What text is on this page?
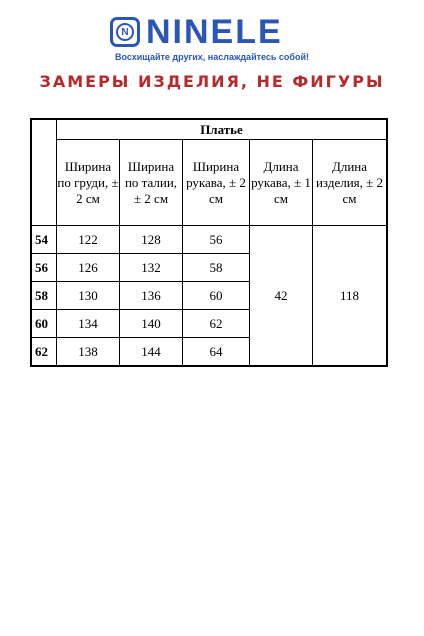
N NINELE
Восхищайте других, наслаждайтесь собой!
ЗАМЕРЫ ИЗДЕЛИЯ, НЕ ФИГУРЫ
	Платье				
	Ширина по груди, ± 2 см	Ширина по талии, ± 2 см	Ширина рукава, ± 2 см	Длина рукава, ± 1 см	Длина изделия, ± 2 см
54	122	128	56	42	118
56	126	132	58		
58	130	136	60		
60	134	140	62		
62	138	144	64		
